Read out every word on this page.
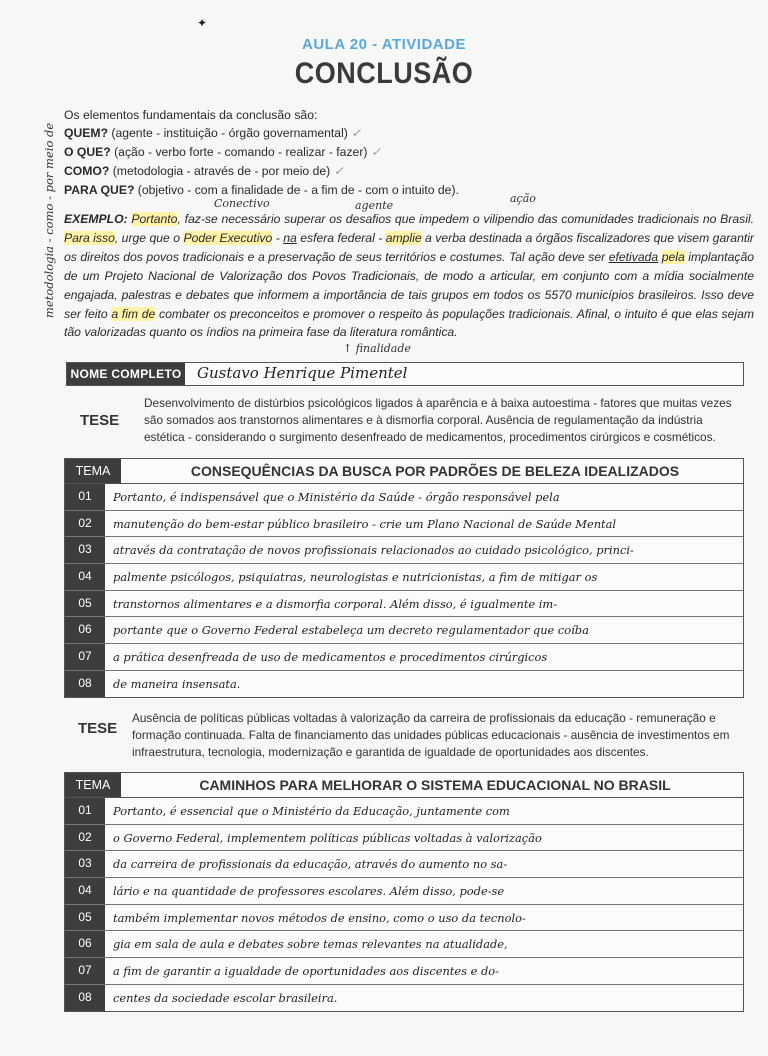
✦
AULA 20 - ATIVIDADE
CONCLUSÃO
metodologia - como - por meio de
Os elementos fundamentais da conclusão são:
QUEM? (agente - instituição - órgão governamental) ✓
O QUE? (ação - verbo forte - comando - realizar - fazer) ✓
COMO? (metodologia - através de - por meio de) ✓
PARA QUE? (objetivo - com a finalidade de - a fim de - com o intuito de).
Conectivo	agente
ação
EXEMPLO: Portanto, faz-se necessário superar os desafios que impedem o vilipendio das comunidades tradicionais no Brasil. Para isso, urge que o Poder Executivo - na esfera federal - amplie a verba destinada a órgãos fiscalizadores que visem garantir os direitos dos povos tradicionais e a preservação de seus territórios e costumes. Tal ação deve ser efetivada pela implantação de um Projeto Nacional de Valorização dos Povos Tradicionais, de modo a articular, em conjunto com a mídia socialmente engajada, palestras e debates que informem a importância de tais grupos em todos os 5570 municípios brasileiros. Isso deve ser feito a fim de combater os preconceitos e promover o respeito às populações tradicionais. Afinal, o intuito é que elas sejam tão valorizadas quanto os índios na primeira fase da literatura romântica.
↑ finalidade
NOME COMPLETO Gustavo Henrique Pimentel
TESE
Desenvolvimento de distúrbios psicológicos ligados à aparência e à baixa autoestima - fatores que muitas vezes são somados aos transtornos alimentares e à dismorfia corporal. Ausência de regulamentação da indústria estética - considerando o surgimento desenfreado de medicamentos, procedimentos cirúrgicos e cosméticos.
TEMA	CONSEQUÊNCIAS DA BUSCA POR PADRÕES DE BELEZA IDEALIZADOS
01	Portanto, é indispensável que o Ministério da Saúde - órgão responsável pela
02	manutenção do bem-estar público brasileiro - crie um Plano Nacional de Saúde Mental
03	através da contratação de novos profissionais relacionados ao cuidado psicológico, princi-
04	palmente psicólogos, psiquiatras, neurologistas e nutricionistas, a fim de mitigar os
05	transtornos alimentares e a dismorfia corporal. Além disso, é igualmente im-
06	portante que o Governo Federal estabeleça um decreto regulamentador que coíba
07	a prática desenfreada de uso de medicamentos e procedimentos cirúrgicos
08	de maneira insensata.
TESE
Ausência de políticas públicas voltadas à valorização da carreira de profissionais da educação - remuneração e formação continuada. Falta de financiamento das unidades públicas educacionais - ausência de investimentos em infraestrutura, tecnologia, modernização e garantida de igualdade de oportunidades aos discentes.
TEMA	CAMINHOS PARA MELHORAR O SISTEMA EDUCACIONAL NO BRASIL
01	Portanto, é essencial que o Ministério da Educação, juntamente com
02	o Governo Federal, implementem políticas públicas voltadas à valorização
03	da carreira de profissionais da educação, através do aumento no sa-
04	lário e na quantidade de professores escolares. Além disso, pode-se
05	também implementar novos métodos de ensino, como o uso da tecnolo-
06	gia em sala de aula e debates sobre temas relevantes na atualidade,
07	a fim de garantir a igualdade de oportunidades aos discentes e do-
08	centes da sociedade escolar brasileira.
